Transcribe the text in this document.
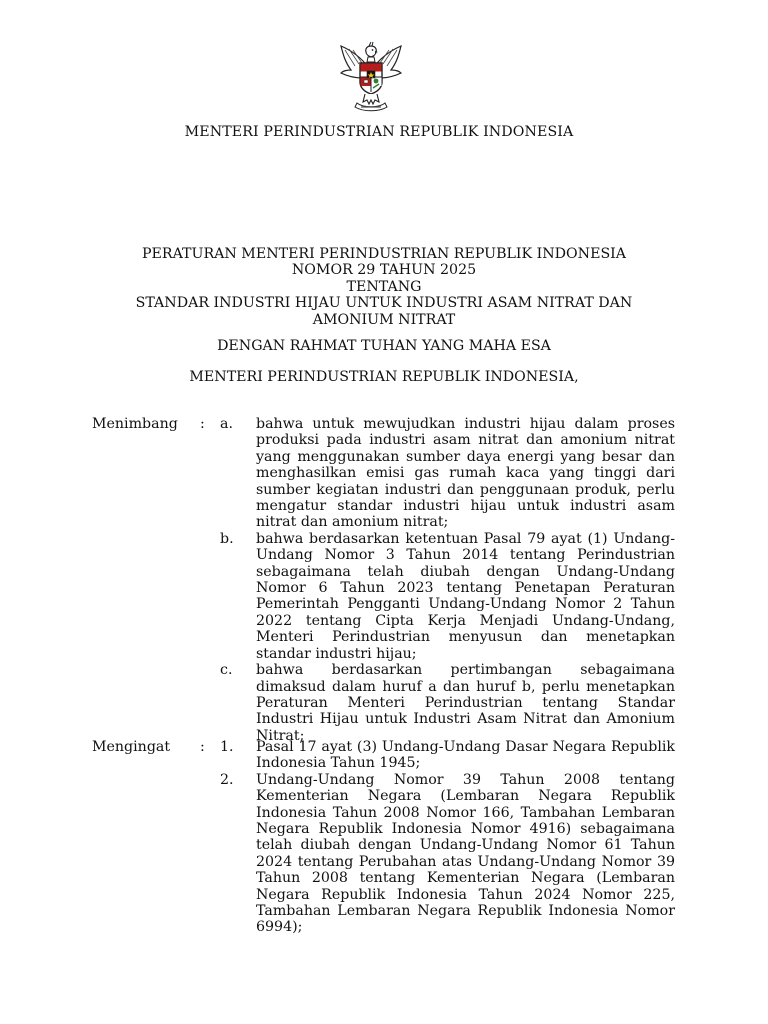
MENTERI PERINDUSTRIAN REPUBLIK INDONESIA
PERATURAN MENTERI PERINDUSTRIAN REPUBLIK INDONESIA
NOMOR 29 TAHUN 2025
TENTANG
STANDAR INDUSTRI HIJAU UNTUK INDUSTRI ASAM NITRAT DAN
AMONIUM NITRAT
DENGAN RAHMAT TUHAN YANG MAHA ESA
MENTERI PERINDUSTRIAN REPUBLIK INDONESIA,
Menimbang : a. bahwa untuk mewujudkan industri hijau dalam proses produksi pada industri asam nitrat dan amonium nitrat yang menggunakan sumber daya energi yang besar dan menghasilkan emisi gas rumah kaca yang tinggi dari sumber kegiatan industri dan penggunaan produk, perlu mengatur standar industri hijau untuk industri asam nitrat dan amonium nitrat;
b. bahwa berdasarkan ketentuan Pasal 79 ayat (1) Undang-Undang Nomor 3 Tahun 2014 tentang Perindustrian sebagaimana telah diubah dengan Undang-Undang Nomor 6 Tahun 2023 tentang Penetapan Peraturan Pemerintah Pengganti Undang-Undang Nomor 2 Tahun 2022 tentang Cipta Kerja Menjadi Undang-Undang, Menteri Perindustrian menyusun dan menetapkan standar industri hijau;
c. bahwa berdasarkan pertimbangan sebagaimana dimaksud dalam huruf a dan huruf b, perlu menetapkan Peraturan Menteri Perindustrian tentang Standar Industri Hijau untuk Industri Asam Nitrat dan Amonium Nitrat;
Mengingat : 1. Pasal 17 ayat (3) Undang-Undang Dasar Negara Republik Indonesia Tahun 1945;
2. Undang-Undang Nomor 39 Tahun 2008 tentang Kementerian Negara (Lembaran Negara Republik Indonesia Tahun 2008 Nomor 166, Tambahan Lembaran Negara Republik Indonesia Nomor 4916) sebagaimana telah diubah dengan Undang-Undang Nomor 61 Tahun 2024 tentang Perubahan atas Undang-Undang Nomor 39 Tahun 2008 tentang Kementerian Negara (Lembaran Negara Republik Indonesia Tahun 2024 Nomor 225, Tambahan Lembaran Negara Republik Indonesia Nomor 6994);
